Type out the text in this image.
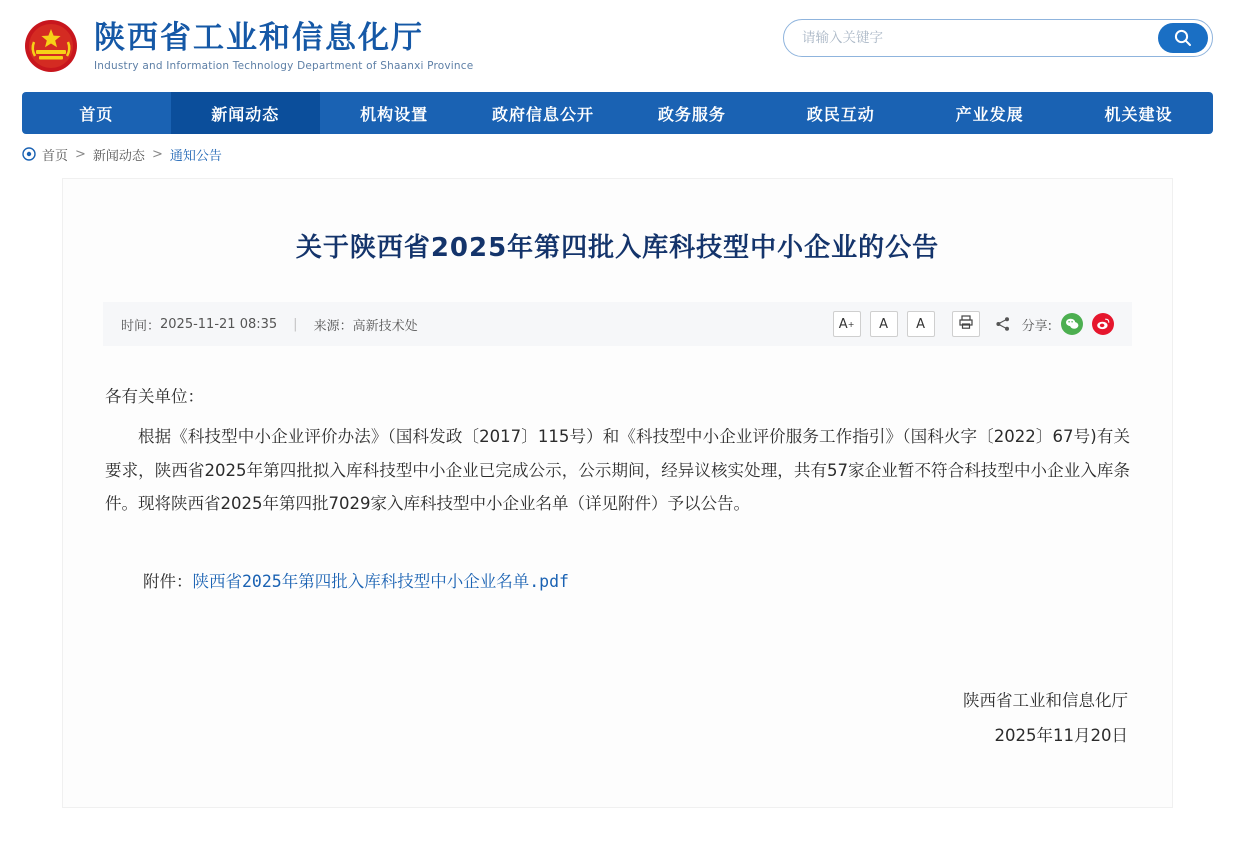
陕西省工业和信息化厅
Industry and Information Technology Department of Shaanxi Province
请输入关键字
首页	新闻动态	机构设置	政府信息公开	政务服务	政民互动	产业发展	机关建设
首页 > 新闻动态 > 通知公告
关于陕西省2025年第四批入库科技型中小企业的公告
时间： 2025-11-21 08:35 | 来源： 高新技术处	A +	A	A	分享:

各有关单位：

根据《科技型中小企业评价办法》（国科发政〔2017〕115号）和《科技型中小企业评价服务工作指引》（国科火字〔2022〕67号)有关要求，陕西省2025年第四批拟入库科技型中小企业已完成公示，公示期间，经异议核实处理，共有57家企业暂不符合科技型中小企业入库条件。现将陕西省2025年第四批7029家入库科技型中小企业名单（详见附件）予以公告。

附件：陕西省2025年第四批入库科技型中小企业名单.pdf
陕西省工业和信息化厅
2025年11月20日
